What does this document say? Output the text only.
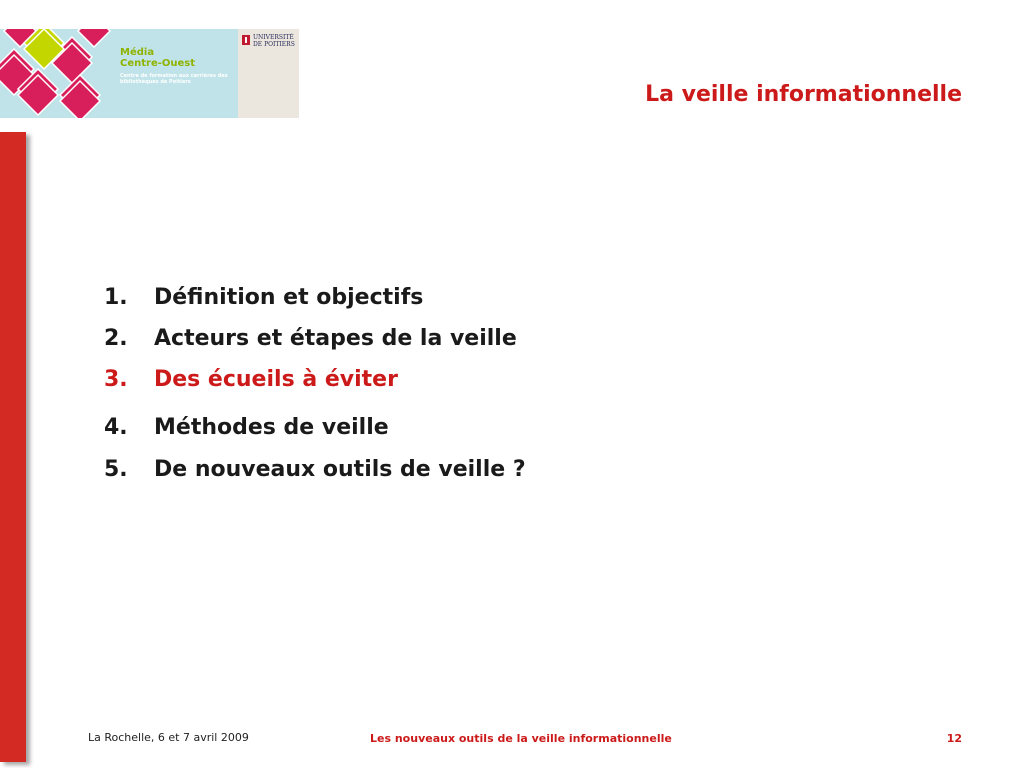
Média
Centre-Ouest
Centre de formation aux carrières des bibliothèques de Poitiers
UNIVERSITÉ
DE POITIERS
La veille informationnelle
1. Définition et objectifs
2. Acteurs et étapes de la veille
3. Des écueils à éviter
4. Méthodes de veille
5. De nouveaux outils de veille ?
La Rochelle, 6 et 7 avril 2009	Les nouveaux outils de la veille informationnelle	12
